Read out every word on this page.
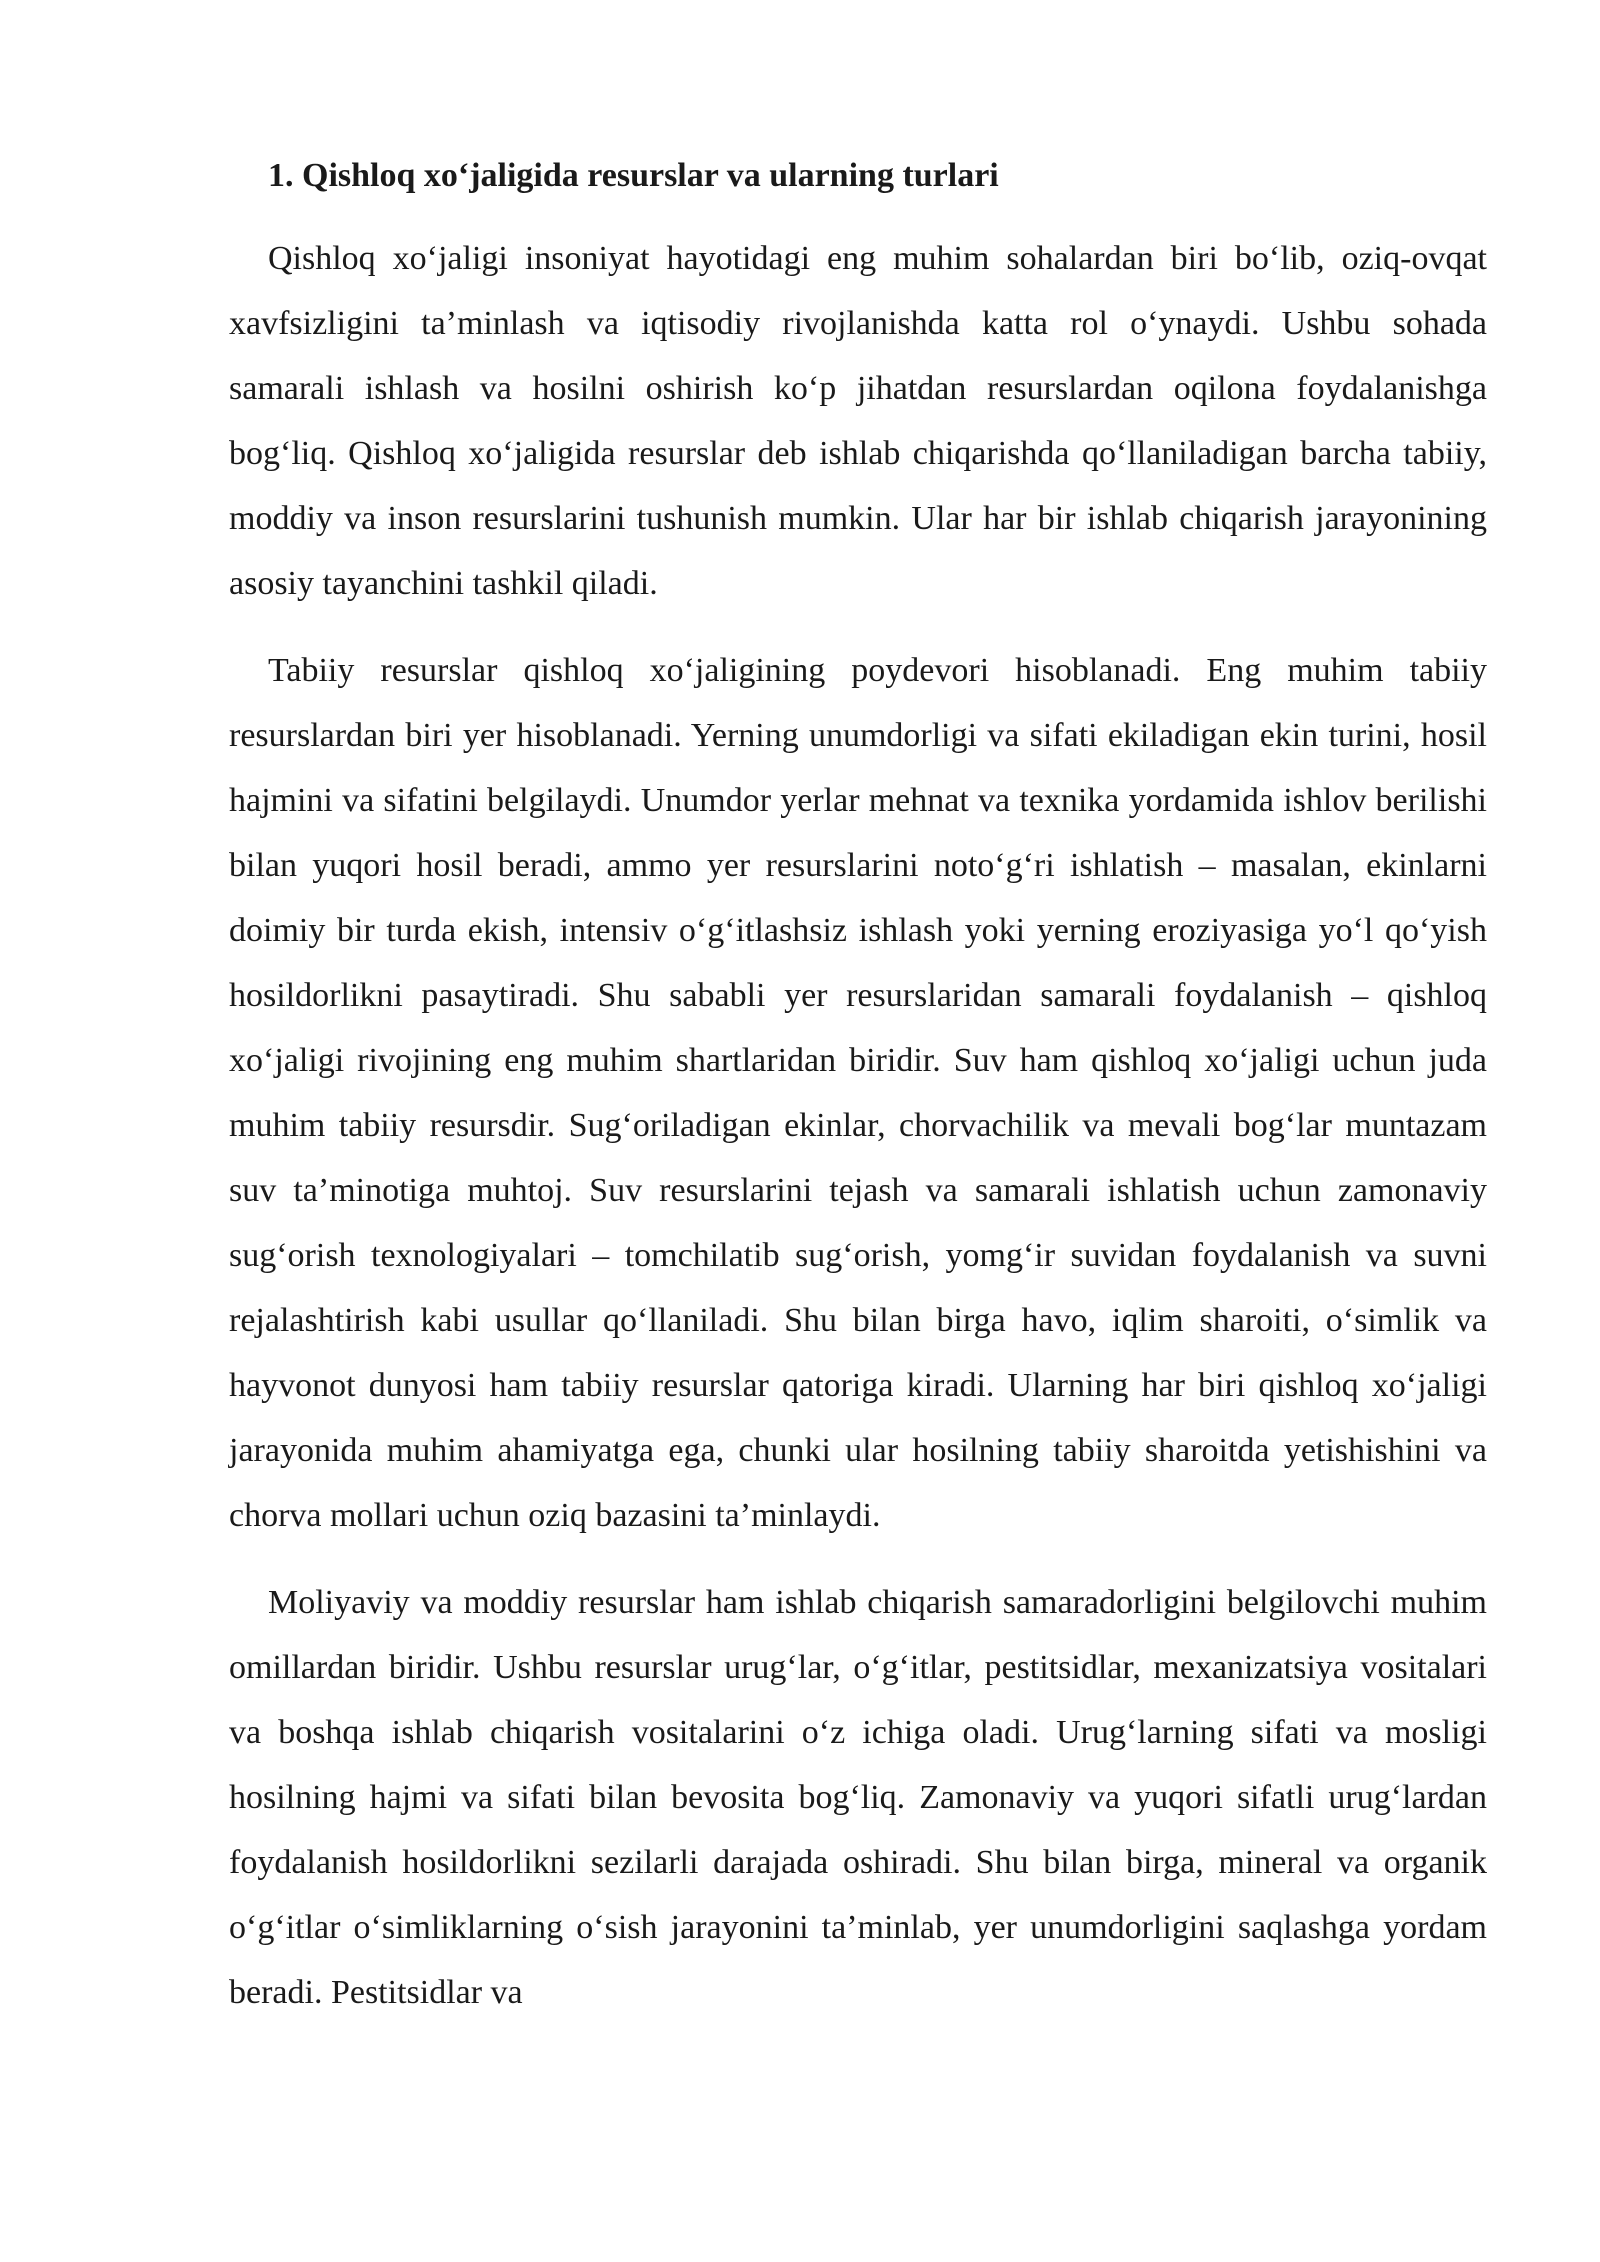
1. Qishloq xo‘jaligida resurslar va ularning turlari

Qishloq xo‘jaligi insoniyat hayotidagi eng muhim sohalardan biri bo‘lib, oziq-ovqat xavfsizligini ta’minlash va iqtisodiy rivojlanishda katta rol o‘ynaydi. Ushbu sohada samarali ishlash va hosilni oshirish ko‘p jihatdan resurslardan oqilona foydalanishga bog‘liq. Qishloq xo‘jaligida resurslar deb ishlab chiqarishda qo‘llaniladigan barcha tabiiy, moddiy va inson resurslarini tushunish mumkin. Ular har bir ishlab chiqarish jarayonining asosiy tayanchini tashkil qiladi.

Tabiiy resurslar qishloq xo‘jaligining poydevori hisoblanadi. Eng muhim tabiiy resurslardan biri yer hisoblanadi. Yerning unumdorligi va sifati ekiladigan ekin turini, hosil hajmini va sifatini belgilaydi. Unumdor yerlar mehnat va texnika yordamida ishlov berilishi bilan yuqori hosil beradi, ammo yer resurslarini noto‘g‘ri ishlatish – masalan, ekinlarni doimiy bir turda ekish, intensiv o‘g‘itlashsiz ishlash yoki yerning eroziyasiga yo‘l qo‘yish hosildorlikni pasaytiradi. Shu sababli yer resurslaridan samarali foydalanish – qishloq xo‘jaligi rivojining eng muhim shartlaridan biridir. Suv ham qishloq xo‘jaligi uchun juda muhim tabiiy resursdir. Sug‘oriladigan ekinlar, chorvachilik va mevali bog‘lar muntazam suv ta’minotiga muhtoj. Suv resurslarini tejash va samarali ishlatish uchun zamonaviy sug‘orish texnologiyalari – tomchilatib sug‘orish, yomg‘ir suvidan foydalanish va suvni rejalashtirish kabi usullar qo‘llaniladi. Shu bilan birga havo, iqlim sharoiti, o‘simlik va hayvonot dunyosi ham tabiiy resurslar qatoriga kiradi. Ularning har biri qishloq xo‘jaligi jarayonida muhim ahamiyatga ega, chunki ular hosilning tabiiy sharoitda yetishishini va chorva mollari uchun oziq bazasini ta’minlaydi.

Moliyaviy va moddiy resurslar ham ishlab chiqarish samaradorligini belgilovchi muhim omillardan biridir. Ushbu resurslar urug‘lar, o‘g‘itlar, pestitsidlar, mexanizatsiya vositalari va boshqa ishlab chiqarish vositalarini o‘z ichiga oladi. Urug‘larning sifati va mosligi hosilning hajmi va sifati bilan bevosita bog‘liq. Zamonaviy va yuqori sifatli urug‘lardan foydalanish hosildorlikni sezilarli darajada oshiradi. Shu bilan birga, mineral va organik o‘g‘itlar o‘simliklarning o‘sish jarayonini ta’minlab, yer unumdorligini saqlashga yordam beradi. Pestitsidlar va
